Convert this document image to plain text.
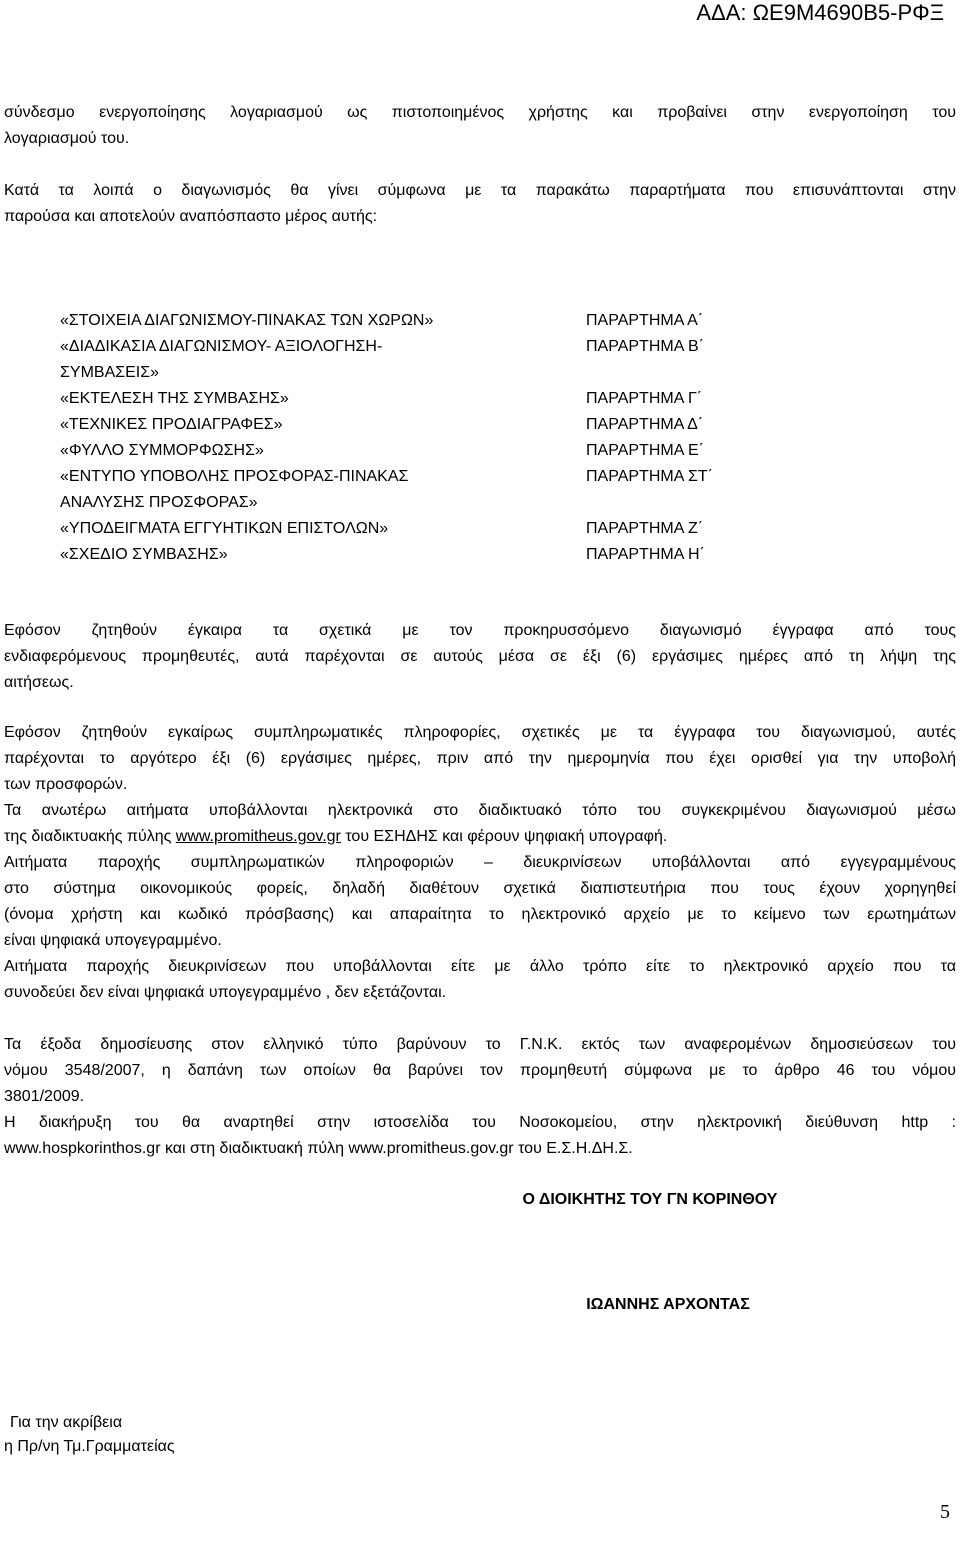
ΑΔΑ: ΩΕ9Μ4690Β5-ΡΦΞ
σύνδεσμο ενεργοποίησης λογαριασμού ως πιστοποιημένος χρήστης και προβαίνει στην ενεργοποίηση του
λογαριασμού του.
Κατά τα λοιπά ο διαγωνισμός θα γίνει σύμφωνα με τα παρακάτω παραρτήματα που επισυνάπτονται στην
παρούσα και αποτελούν αναπόσπαστο μέρος αυτής:
«ΣΤΟΙΧΕΙΑ ΔΙΑΓΩΝΙΣΜΟΥ-ΠΙΝΑΚΑΣ ΤΩΝ ΧΩΡΩΝ»	ΠΑΡΑΡΤΗΜΑ Α΄
«ΔΙΑΔΙΚΑΣΙΑ ΔΙΑΓΩΝΙΣΜΟΥ- ΑΞΙΟΛΟΓΗΣΗ-	ΠΑΡΑΡΤΗΜΑ Β΄
ΣΥΜΒΑΣΕΙΣ»
«ΕΚΤΕΛΕΣΗ ΤΗΣ ΣΥΜΒΑΣΗΣ»	ΠΑΡΑΡΤΗΜΑ Γ΄
«ΤΕΧΝΙΚΕΣ ΠΡΟΔΙΑΓΡΑΦΕΣ»	ΠΑΡΑΡΤΗΜΑ Δ΄
«ΦΥΛΛΟ ΣΥΜΜΟΡΦΩΣΗΣ»	ΠΑΡΑΡΤΗΜΑ Ε΄
«ΕΝΤΥΠΟ ΥΠΟΒΟΛΗΣ ΠΡΟΣΦΟΡΑΣ-ΠΙΝΑΚΑΣ	ΠΑΡΑΡΤΗΜΑ ΣΤ΄
ΑΝΑΛΥΣΗΣ ΠΡΟΣΦΟΡΑΣ»
«ΥΠΟΔΕΙΓΜΑΤΑ ΕΓΓΥΗΤΙΚΩΝ ΕΠΙΣΤΟΛΩΝ»	ΠΑΡΑΡΤΗΜΑ Ζ΄
«ΣΧΕΔΙΟ ΣΥΜΒΑΣΗΣ»	ΠΑΡΑΡΤΗΜΑ Η΄
Εφόσον ζητηθούν έγκαιρα τα σχετικά με τον προκηρυσσόμενο διαγωνισμό έγγραφα από τους
ενδιαφερόμενους προμηθευτές, αυτά παρέχονται σε αυτούς μέσα σε έξι (6) εργάσιμες ημέρες από τη λήψη της
αιτήσεως.
Εφόσον ζητηθούν εγκαίρως συμπληρωματικές πληροφορίες, σχετικές με τα έγγραφα του διαγωνισμού, αυτές
παρέχονται το αργότερο έξι (6) εργάσιμες ημέρες, πριν από την ημερομηνία που έχει ορισθεί για την υποβολή
των προσφορών.
Τα ανωτέρω αιτήματα υποβάλλονται ηλεκτρονικά στο διαδικτυακό τόπο του συγκεκριμένου διαγωνισμού μέσω
της διαδικτυακής πύλης www.promitheus.gov.gr του ΕΣΗΔΗΣ και φέρουν ψηφιακή υπογραφή.
Αιτήματα παροχής συμπληρωματικών πληροφοριών – διευκρινίσεων υποβάλλονται από εγγεγραμμένους
στο σύστημα οικονομικούς φορείς, δηλαδή διαθέτουν σχετικά διαπιστευτήρια που τους έχουν χορηγηθεί
(όνομα χρήστη και κωδικό πρόσβασης) και απαραίτητα το ηλεκτρονικό αρχείο με το κείμενο των ερωτημάτων
είναι ψηφιακά υπογεγραμμένο.
Αιτήματα παροχής διευκρινίσεων που υποβάλλονται είτε με άλλο τρόπο είτε το ηλεκτρονικό αρχείο που τα
συνοδεύει δεν είναι ψηφιακά υπογεγραμμένο , δεν εξετάζονται.
Τα έξοδα δημοσίευσης στον ελληνικό τύπο βαρύνουν το Γ.Ν.Κ. εκτός των αναφερομένων δημοσιεύσεων του
νόμου 3548/2007, η δαπάνη των οποίων θα βαρύνει τον προμηθευτή σύμφωνα με το άρθρο 46 του νόμου
3801/2009.
Η διακήρυξη του θα αναρτηθεί στην ιστοσελίδα του Νοσοκομείου, στην ηλεκτρονική διεύθυνση http :
www.hospkorinthos.gr και στη διαδικτυακή πύλη www.promitheus.gov.gr του Ε.Σ.Η.ΔΗ.Σ.
Ο ΔΙΟΙΚΗΤΗΣ ΤΟΥ ΓΝ ΚΟΡΙΝΘΟΥ
ΙΩΑΝΝΗΣ ΑΡΧΟΝΤΑΣ
Για την ακρίβεια
η Πρ/νη Τμ.Γραμματείας
5
